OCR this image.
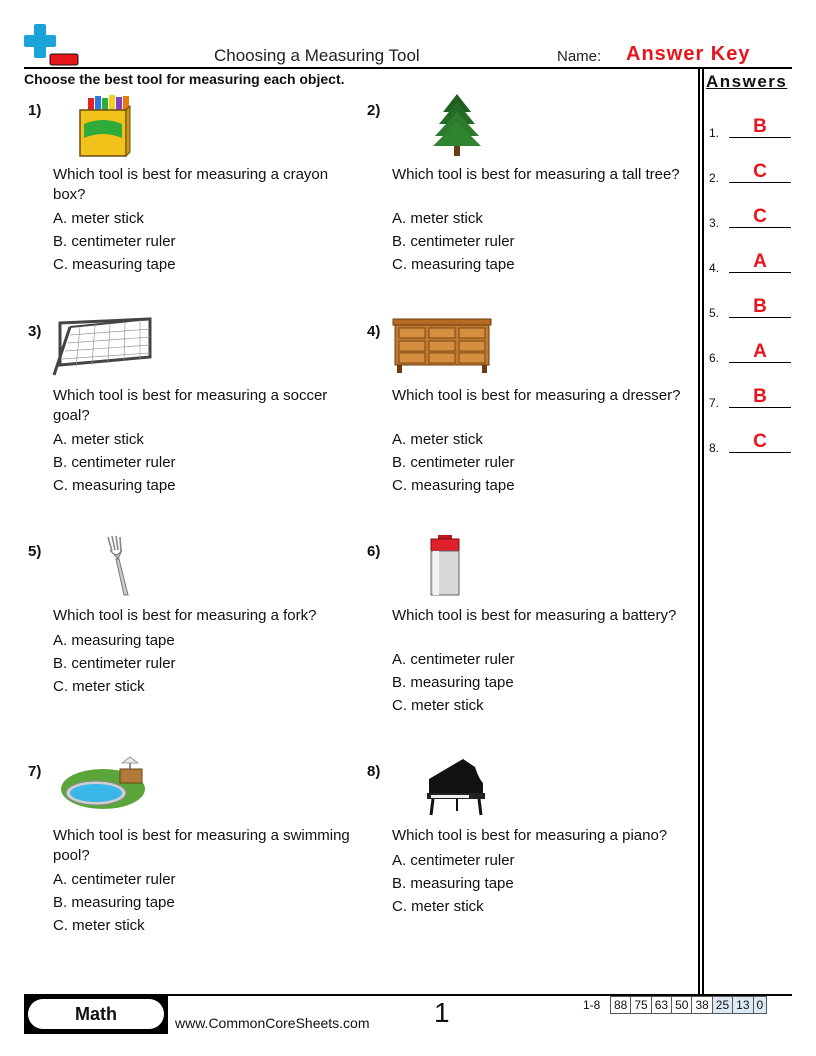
Choosing a Measuring Tool	Name: Answer Key
Choose the best tool for measuring each object.	Answers
1.	B
2.	C
3.	C
4.	A
5.	B
6.	A
7.	B
8.	C
1)
Which tool is best for measuring a crayon box?
A. meter stick
B. centimeter ruler
C. measuring tape
2)
Which tool is best for measuring a tall tree?
A. meter stick
B. centimeter ruler
C. measuring tape
3)
Which tool is best for measuring a soccer goal?
A. meter stick
B. centimeter ruler
C. measuring tape
4)
Which tool is best for measuring a dresser?
A. meter stick
B. centimeter ruler
C. measuring tape
5)
Which tool is best for measuring a fork?
A. measuring tape
B. centimeter ruler
C. meter stick
6)
Which tool is best for measuring a battery?
A. centimeter ruler
B. measuring tape
C. meter stick
7)
Which tool is best for measuring a swimming pool?
A. centimeter ruler
B. measuring tape
C. meter stick
8)
Which tool is best for measuring a piano?
A. centimeter ruler
B. measuring tape
C. meter stick
Math	www.CommonCoreSheets.com 1	1-8	88 75 63 50 38 25 13 0
